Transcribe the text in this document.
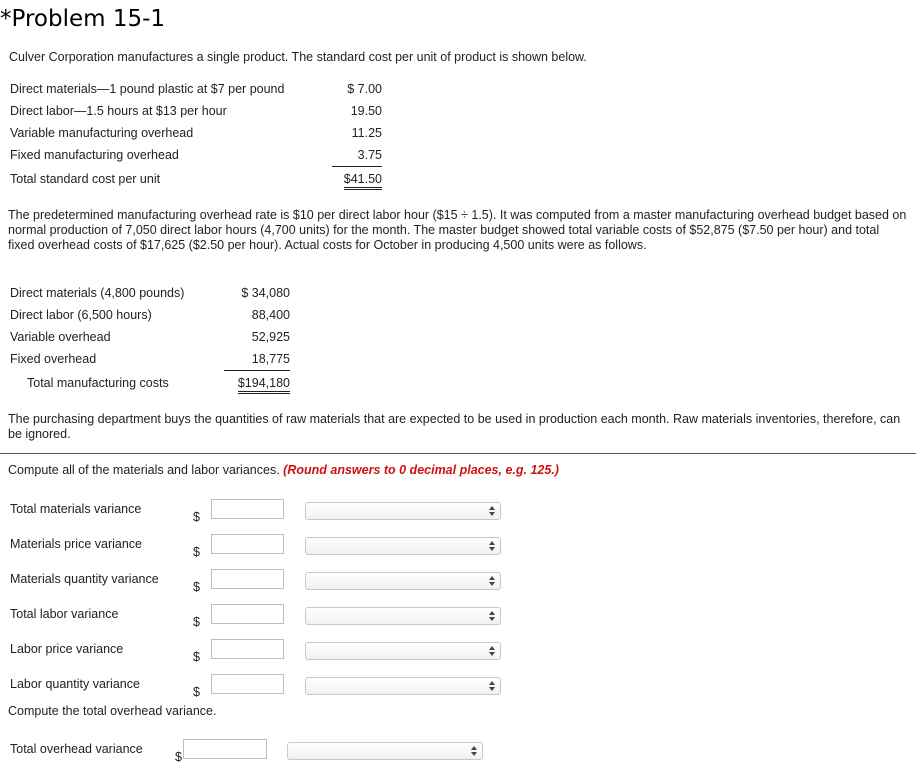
*Problem 15-1
Culver Corporation manufactures a single product. The standard cost per unit of product is shown below.
Direct materials—1 pound plastic at $7 per pound	$ 7.00
Direct labor—1.5 hours at $13 per hour	19.50
Variable manufacturing overhead	11.25
Fixed manufacturing overhead	3.75
Total standard cost per unit	$41.50
The predetermined manufacturing overhead rate is $10 per direct labor hour ($15 ÷ 1.5). It was computed from a master manufacturing overhead budget based on normal production of 7,050 direct labor hours (4,700 units) for the month. The master budget showed total variable costs of $52,875 ($7.50 per hour) and total fixed overhead costs of $17,625 ($2.50 per hour). Actual costs for October in producing 4,500 units were as follows.
Direct materials (4,800 pounds)	$ 34,080
Direct labor (6,500 hours)	88,400
Variable overhead	52,925
Fixed overhead	18,775
Total manufacturing costs	$194,180
The purchasing department buys the quantities of raw materials that are expected to be used in production each month. Raw materials inventories, therefore, can be ignored.
Compute all of the materials and labor variances. (Round answers to 0 decimal places, e.g. 125.)
Total materials variance
$
Materials price variance
$
Materials quantity variance
$
Total labor variance
$
Labor price variance
$
Labor quantity variance
$
Compute the total overhead variance.
Total overhead variance
$
